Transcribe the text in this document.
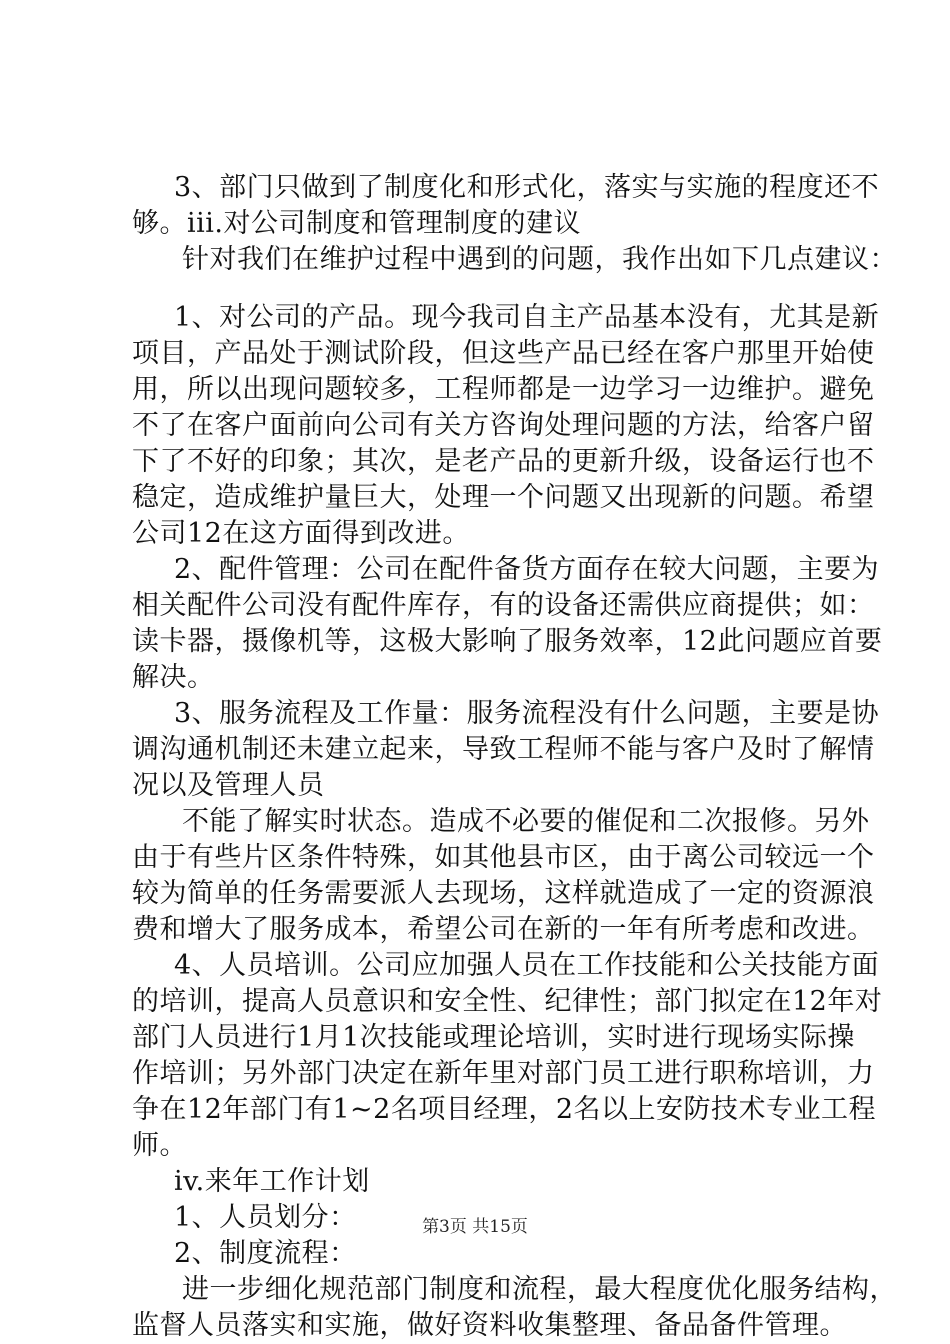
3、部门只做到了制度化和形式化，落实与实施的程度还不
够。iii.对公司制度和管理制度的建议
针对我们在维护过程中遇到的问题，我作出如下几点建议：
1、对公司的产品。现今我司自主产品基本没有，尤其是新
项目，产品处于测试阶段，但这些产品已经在客户那里开始使
用，所以出现问题较多，工程师都是一边学习一边维护。避免
不了在客户面前向公司有关方咨询处理问题的方法，给客户留
下了不好的印象；其次，是老产品的更新升级，设备运行也不
稳定，造成维护量巨大，处理一个问题又出现新的问题。希望
公司12在这方面得到改进。
2、配件管理：公司在配件备货方面存在较大问题，主要为
相关配件公司没有配件库存，有的设备还需供应商提供；如：
读卡器，摄像机等，这极大影响了服务效率，12此问题应首要
解决。
3、服务流程及工作量：服务流程没有什么问题，主要是协
调沟通机制还未建立起来，导致工程师不能与客户及时了解情
况以及管理人员
不能了解实时状态。造成不必要的催促和二次报修。另外
由于有些片区条件特殊，如其他县市区，由于离公司较远一个
较为简单的任务需要派人去现场，这样就造成了一定的资源浪
费和增大了服务成本，希望公司在新的一年有所考虑和改进。
4、人员培训。公司应加强人员在工作技能和公关技能方面
的培训，提高人员意识和安全性、纪律性；部门拟定在12年对
部门人员进行1月1次技能或理论培训，实时进行现场实际操
作培训；另外部门决定在新年里对部门员工进行职称培训，力
争在12年部门有1~2名项目经理，2名以上安防技术专业工程
师。
iv.来年工作计划
1、人员划分：
2、制度流程：
进一步细化规范部门制度和流程，最大程度优化服务结构，
监督人员落实和实施，做好资料收集整理、备品备件管理。
第3页 共15页
